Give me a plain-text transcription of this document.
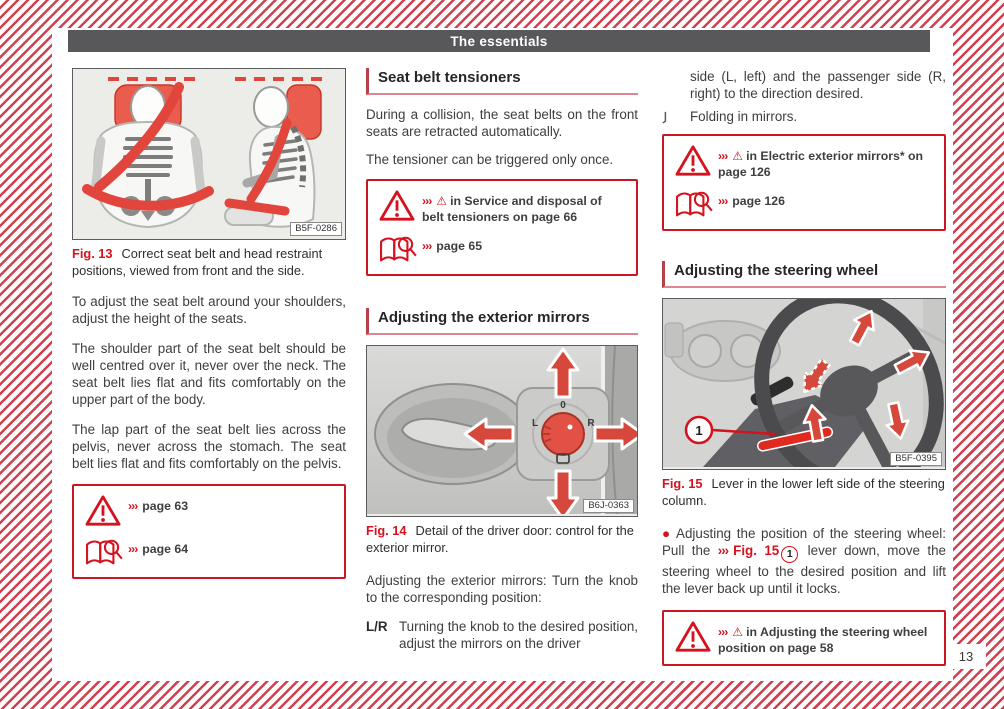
The essentials
B5F-0286
Fig. 13 Correct seat belt and head restraint positions, viewed from front and the side.

To adjust the seat belt around your shoulders, adjust the height of the seats.

The shoulder part of the seat belt should be well centred over it, never over the neck. The seat belt lies flat and fits comfortably on the upper part of the body.

The lap part of the seat belt lies across the pelvis, never across the stomach. The seat belt lies flat and fits comfortably on the pelvis.

››› page 63
››› page 64
Seat belt tensioners

During a collision, the seat belts on the front seats are retracted automatically.

The tensioner can be triggered only once.

››› ⚠ in Service and disposal of belt tensioners on page 66
››› page 65
Adjusting the exterior mirrors
L
0
R
B6J-0363
Fig. 14 Detail of the driver door: control for the exterior mirror.

Adjusting the exterior mirrors: Turn the knob to the corresponding position:

L/R Turning the knob to the desired position, adjust the mirrors on the driver

side (L, left) and the passenger side (R, right) to the direction desired.

Folding in mirrors.
››› ⚠ in Electric exterior mirrors* on page 126
››› page 126
Adjusting the steering wheel
1
B5F-0395
Fig. 15 Lever in the lower left side of the steering column.

● Adjusting the position of the steering wheel: Pull the ››› Fig. 15 1 lever down, move the steering wheel to the desired position and lift the lever back up until it locks.

››› ⚠ in Adjusting the steering wheel position on page 58
13
